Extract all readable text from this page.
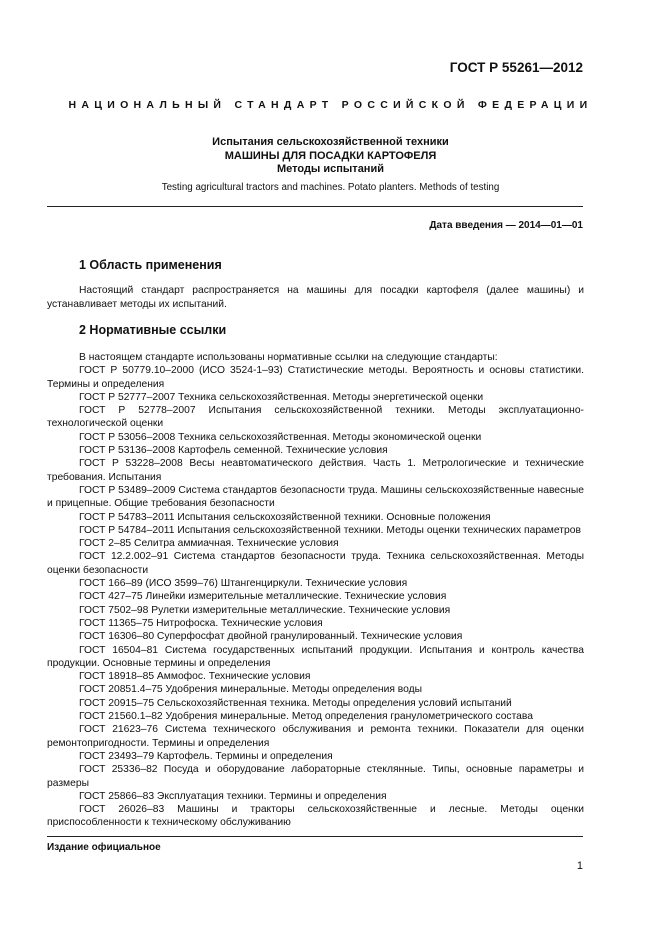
ГОСТ Р 55261—2012
НАЦИОНАЛЬНЫЙ СТАНДАРТ РОССИЙСКОЙ ФЕДЕРАЦИИ
Испытания сельскохозяйственной техники
МАШИНЫ ДЛЯ ПОСАДКИ КАРТОФЕЛЯ
Методы испытаний
Testing agricultural tractors and machines. Potato planters. Methods of testing
Дата введения — 2014—01—01
1 Область применения

Настоящий стандарт распространяется на машины для посадки картофеля (далее машины) и устанавливает методы их испытаний.

2 Нормативные ссылки
В настоящем стандарте использованы нормативные ссылки на следующие стандарты:
ГОСТ Р 50779.10–2000 (ИСО 3524-1–93) Статистические методы. Вероятность и основы статистики. Термины и определения
ГОСТ Р 52777–2007 Техника сельскохозяйственная. Методы энергетической оценки
ГОСТ Р 52778–2007 Испытания сельскохозяйственной техники. Методы эксплуатационно-технологической оценки
ГОСТ Р 53056–2008 Техника сельскохозяйственная. Методы экономической оценки
ГОСТ Р 53136–2008 Картофель семенной. Технические условия
ГОСТ Р 53228–2008 Весы неавтоматического действия. Часть 1. Метрологические и технические требования. Испытания
ГОСТ Р 53489–2009 Система стандартов безопасности труда. Машины сельскохозяйственные навесные и прицепные. Общие требования безопасности
ГОСТ Р 54783–2011 Испытания сельскохозяйственной техники. Основные положения
ГОСТ Р 54784–2011 Испытания сельскохозяйственной техники. Методы оценки технических параметров
ГОСТ 2–85 Селитра аммиачная. Технические условия
ГОСТ 12.2.002–91 Система стандартов безопасности труда. Техника сельскохозяйственная. Методы оценки безопасности
ГОСТ 166–89 (ИСО 3599–76) Штангенциркули. Технические условия
ГОСТ 427–75 Линейки измерительные металлические. Технические условия
ГОСТ 7502–98 Рулетки измерительные металлические. Технические условия
ГОСТ 11365–75 Нитрофоска. Технические условия
ГОСТ 16306–80 Суперфосфат двойной гранулированный. Технические условия
ГОСТ 16504–81 Система государственных испытаний продукции. Испытания и контроль качества продукции. Основные термины и определения
ГОСТ 18918–85 Аммофос. Технические условия
ГОСТ 20851.4–75 Удобрения минеральные. Методы определения воды
ГОСТ 20915–75 Сельскохозяйственная техника. Методы определения условий испытаний
ГОСТ 21560.1–82 Удобрения минеральные. Метод определения гранулометрического состава
ГОСТ 21623–76 Система технического обслуживания и ремонта техники. Показатели для оценки ремонтопригодности. Термины и определения
ГОСТ 23493–79 Картофель. Термины и определения
ГОСТ 25336–82 Посуда и оборудование лабораторные стеклянные. Типы, основные параметры и размеры
ГОСТ 25866–83 Эксплуатация техники. Термины и определения
ГОСТ 26026–83 Машины и тракторы сельскохозяйственные и лесные. Методы оценки приспособленности к техническому обслуживанию
Издание официальное
1
